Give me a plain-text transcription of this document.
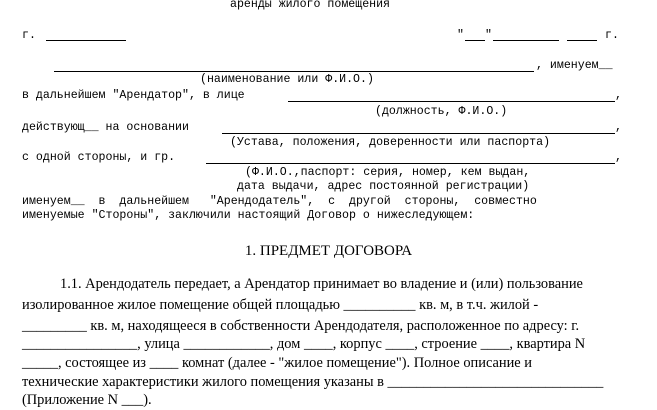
аренды жилого помещения
г.	" "	г.
, именуем__
(наименование или Ф.И.О.)
в дальнейшем "Арендатор", в лице	,
(должность, Ф.И.О.)
действующ__ на основании	,
(Устава, положения, доверенности или паспорта)
с одной стороны, и гр.	,
(Ф.И.О.,паспорт: серия, номер, кем выдан,
дата выдачи, адрес постоянной регистрации)
именуем__  в  дальнейшем   "Арендодатель",  с  другой  стороны,  совместно
именуемые "Стороны", заключили настоящий Договор о нижеследующем:
1. ПРЕДМЕТ ДОГОВОРА
1.1. Арендодатель передает, а Арендатор принимает во владение и (или) пользование
изолированное жилое помещение общей площадью __________ кв. м, в т.ч. жилой -
_________ кв. м, находящееся в собственности Арендодателя, расположенное по адресу: г.
________________, улица ____________, дом ____, корпус ____, строение ____, квартира N
_____, состоящее из ____ комнат (далее - "жилое помещение"). Полное описание и
технические характеристики жилого помещения указаны в ______________________________
(Приложение N ___).
